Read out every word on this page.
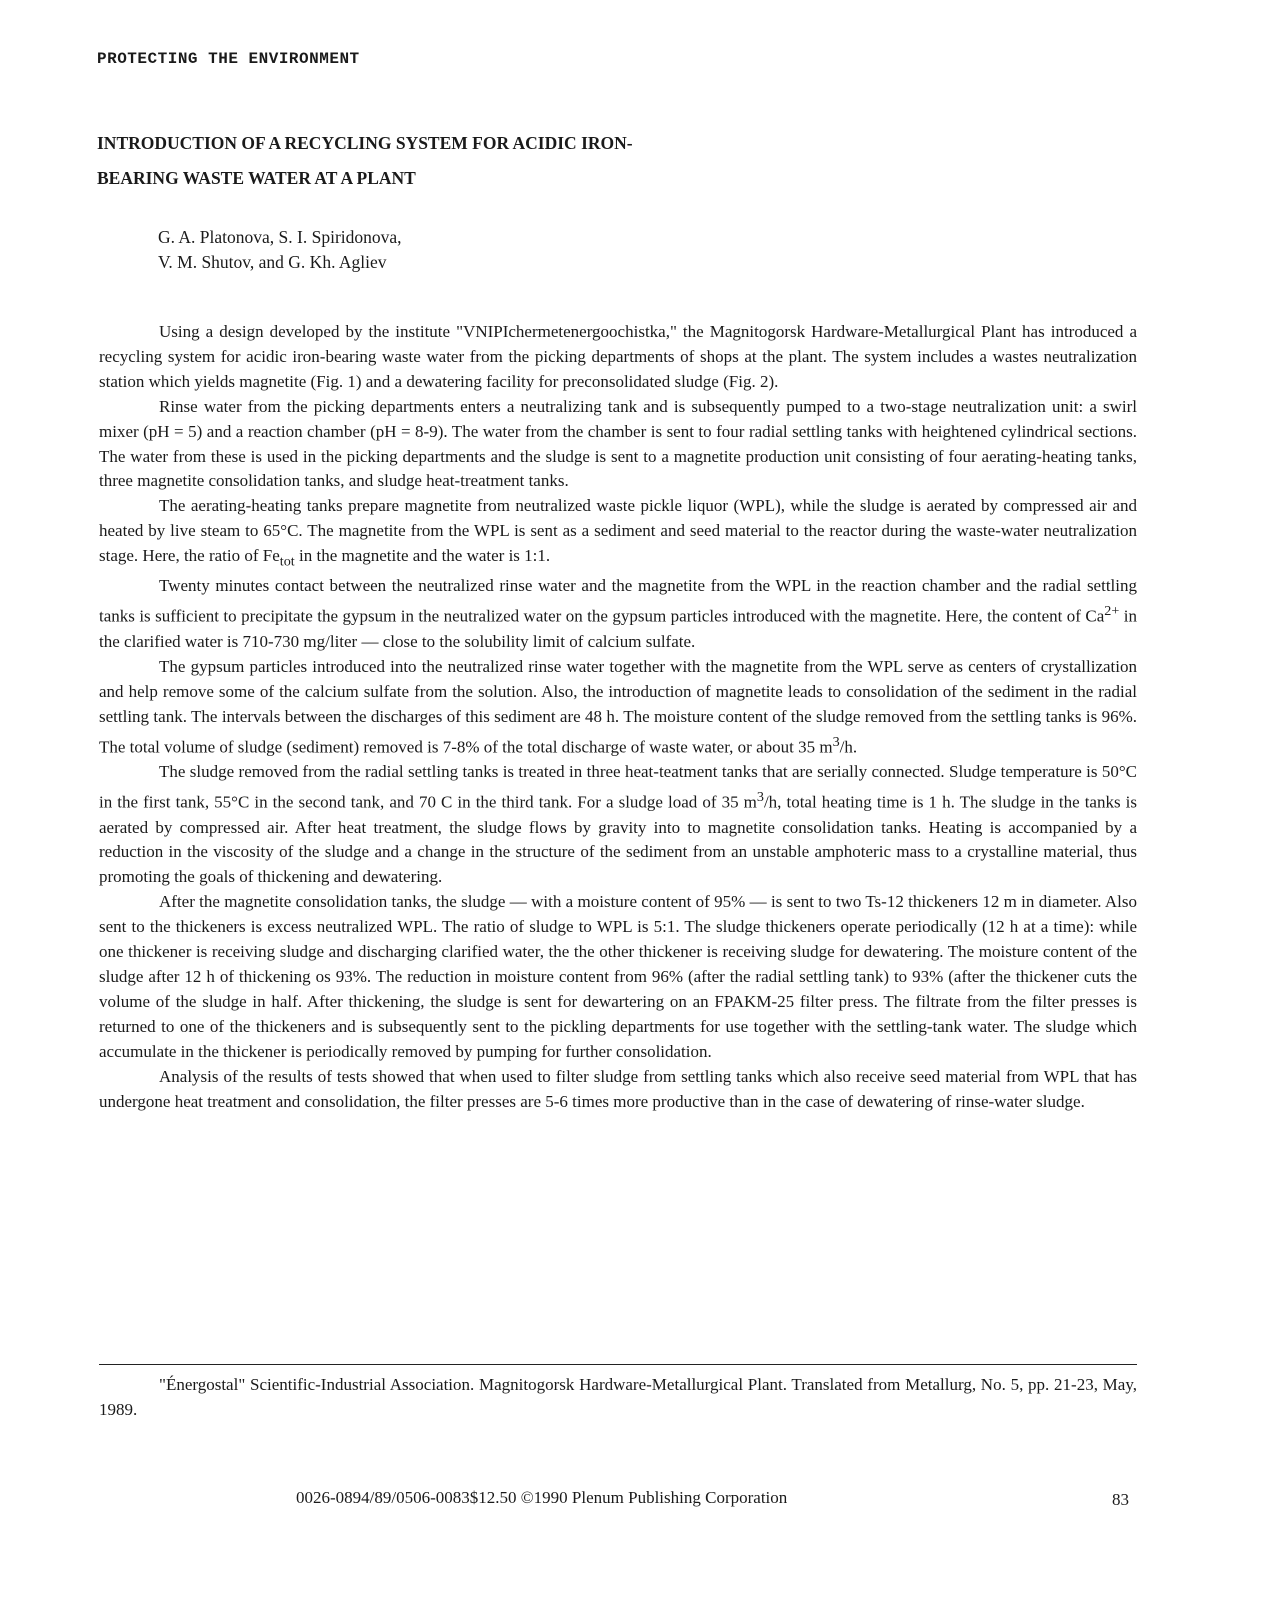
PROTECTING THE ENVIRONMENT
INTRODUCTION OF A RECYCLING SYSTEM FOR ACIDIC IRON-
BEARING WASTE WATER AT A PLANT
G. A. Platonova, S. I. Spiridonova,
V. M. Shutov, and G. Kh. Agliev

Using a design developed by the institute "VNIPIchermetenergoochistka," the Magnitogorsk Hardware-Metallurgical Plant has introduced a recycling system for acidic iron-bearing waste water from the picking departments of shops at the plant. The system includes a wastes neutralization station which yields magnetite (Fig. 1) and a dewatering facility for preconsolidated sludge (Fig. 2).

Rinse water from the picking departments enters a neutralizing tank and is subsequently pumped to a two-stage neutralization unit: a swirl mixer (pH = 5) and a reaction chamber (pH = 8-9). The water from the chamber is sent to four radial settling tanks with heightened cylindrical sections. The water from these is used in the picking departments and the sludge is sent to a magnetite production unit consisting of four aerating-heating tanks, three magnetite consolidation tanks, and sludge heat-treatment tanks.

The aerating-heating tanks prepare magnetite from neutralized waste pickle liquor (WPL), while the sludge is aerated by compressed air and heated by live steam to 65°C. The magnetite from the WPL is sent as a sediment and seed material to the reactor during the waste-water neutralization stage. Here, the ratio of $Fe_{tot}$ in the magnetite and the water is 1:1.

Twenty minutes contact between the neutralized rinse water and the magnetite from the WPL in the reaction chamber and the radial settling tanks is sufficient to precipitate the gypsum in the neutralized water on the gypsum particles introduced with the magnetite. Here, the content of $Ca^{2+}$ in the clarified water is 710-730 mg/liter — close to the solubility limit of calcium sulfate.

The gypsum particles introduced into the neutralized rinse water together with the magnetite from the WPL serve as centers of crystallization and help remove some of the calcium sulfate from the solution. Also, the introduction of magnetite leads to consolidation of the sediment in the radial settling tank. The intervals between the discharges of this sediment are 48 h. The moisture content of the sludge removed from the settling tanks is 96%. The total volume of sludge (sediment) removed is 7-8% of the total discharge of waste water, or about 35 $m^3/h$.

The sludge removed from the radial settling tanks is treated in three heat-teatment tanks that are serially connected. Sludge temperature is 50°C in the first tank, 55°C in the second tank, and 70 C in the third tank. For a sludge load of 35 $m^3/h$, total heating time is 1 h. The sludge in the tanks is aerated by compressed air. After heat treatment, the sludge flows by gravity into to magnetite consolidation tanks. Heating is accompanied by a reduction in the viscosity of the sludge and a change in the structure of the sediment from an unstable amphoteric mass to a crystalline material, thus promoting the goals of thickening and dewatering.

After the magnetite consolidation tanks, the sludge — with a moisture content of 95% — is sent to two Ts-12 thickeners 12 m in diameter. Also sent to the thickeners is excess neutralized WPL. The ratio of sludge to WPL is 5:1. The sludge thickeners operate periodically (12 h at a time): while one thickener is receiving sludge and discharging clarified water, the the other thickener is receiving sludge for dewatering. The moisture content of the sludge after 12 h of thickening os 93%. The reduction in moisture content from 96% (after the radial settling tank) to 93% (after the thickener cuts the volume of the sludge in half. After thickening, the sludge is sent for dewartering on an FPAKM-25 filter press. The filtrate from the filter presses is returned to one of the thickeners and is subsequently sent to the pickling departments for use together with the settling-tank water. The sludge which accumulate in the thickener is periodically removed by pumping for further consolidation.

Analysis of the results of tests showed that when used to filter sludge from settling tanks which also receive seed material from WPL that has undergone heat treatment and consolidation, the filter presses are 5-6 times more productive than in the case of dewatering of rinse-water sludge.

"Énergostal" Scientific-Industrial Association. Magnitogorsk Hardware-Metallurgical Plant. Translated from Metallurg, No. 5, pp. 21-23, May, 1989.

0026-0894/89/0506-0083$12.50 ©1990 Plenum Publishing Corporation	83
